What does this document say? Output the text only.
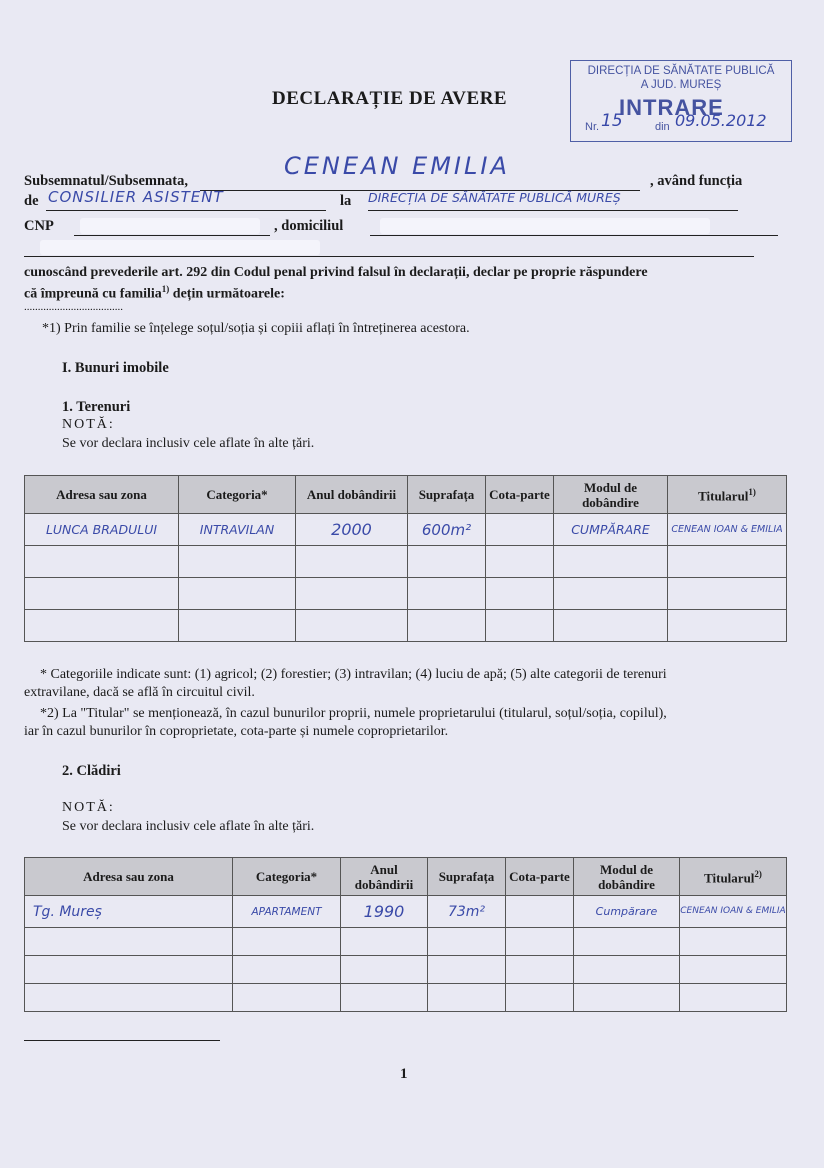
DECLARAȚIE DE AVERE
DIRECȚIA DE SĂNĂTATE PUBLICĂ
A JUD. MUREȘ
INTRARE
Nr. 15	din 09.05.2012
Subsemnatul/Subsemnata,
CENEAN EMILIA
, având funcția
de CONSILIER ASISTENT	la DIRECȚIA DE SĂNĂTATE PUBLICĂ MUREȘ
CNP	, domiciliul
cunoscând prevederile art. 292 din Codul penal privind falsul în declarații, declar pe proprie răspundere
că împreună cu familia$^{1)}$ dețin următoarele:
....................................
*1) Prin familie se înțelege soțul/soția și copiii aflați în întreținerea acestora.
I. Bunuri imobile
1. Terenuri
NOTĂ:
Se vor declara inclusiv cele aflate în alte țări.
Adresa sau zona	Categoria*	Anul dobândirii	Suprafața	Cota-parte	Modul de dobândire	Titularul$^{1)}$
LUNCA BRADULUI	INTRAVILAN	2000	600m²		CUMPĂRARE	CENEAN IOAN & EMILIA

* Categoriile indicate sunt: (1) agricol; (2) forestier; (3) intravilan; (4) luciu de apă; (5) alte categorii de terenuri
extravilane, dacă se află în circuitul civil.
*2) La "Titular" se menționează, în cazul bunurilor proprii, numele proprietarului (titularul, soțul/soția, copilul),
iar în cazul bunurilor în coproprietate, cota-parte și numele coproprietarilor.
2. Clădiri
NOTĂ:
Se vor declara inclusiv cele aflate în alte țări.
Adresa sau zona	Categoria*	Anul dobândirii	Suprafața	Cota-parte	Modul de dobândire	Titularul$^{2)}$
Tg. Mureș	APARTAMENT	1990	73m²		Cumpărare	CENEAN IOAN & EMILIA

1
